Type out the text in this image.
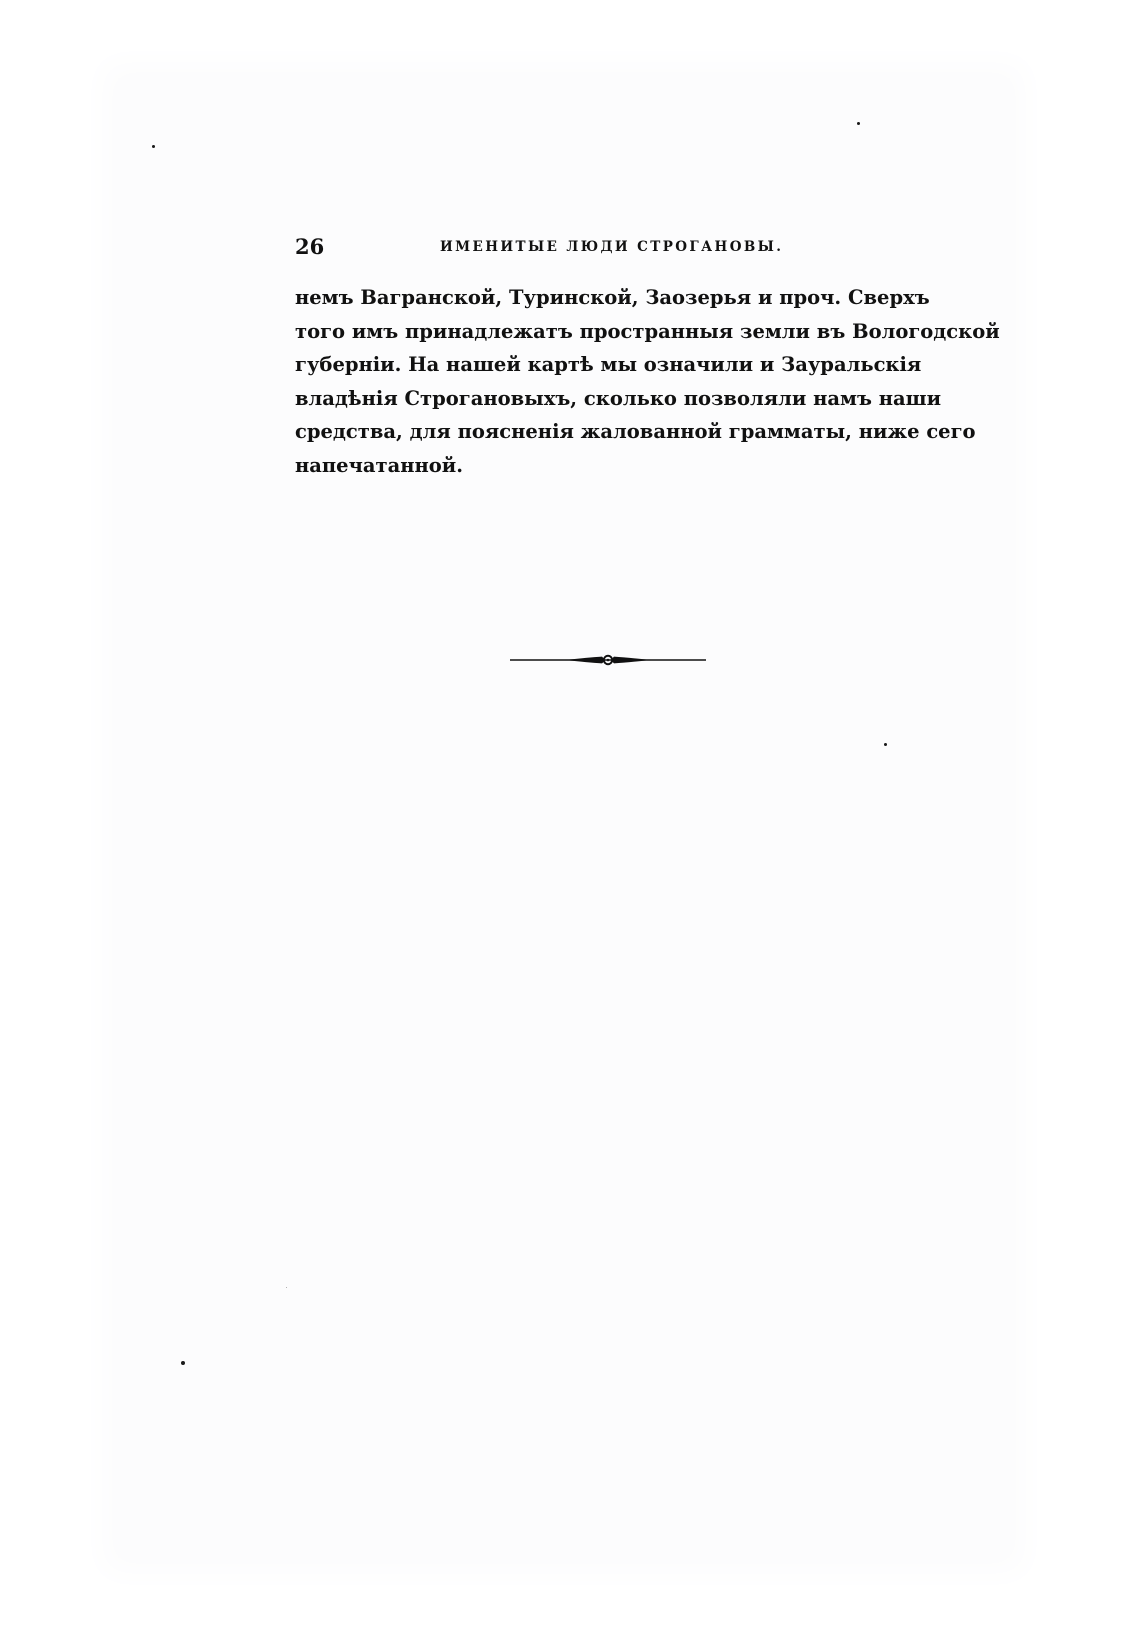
26	ИМЕНИТЫЕ ЛЮДИ СТРОГАНОВЫ.
немъ Вагранской, Туринской, Заозерья и проч. Сверхъ
того имъ принадлежатъ пространныя земли въ Вологодской
губерніи. На нашей картѣ мы означили и Зауральскія
владѣнія Строгановыхъ, сколько позволяли намъ наши
средства, для поясненія жалованной грамматы, ниже сего
напечатанной.
